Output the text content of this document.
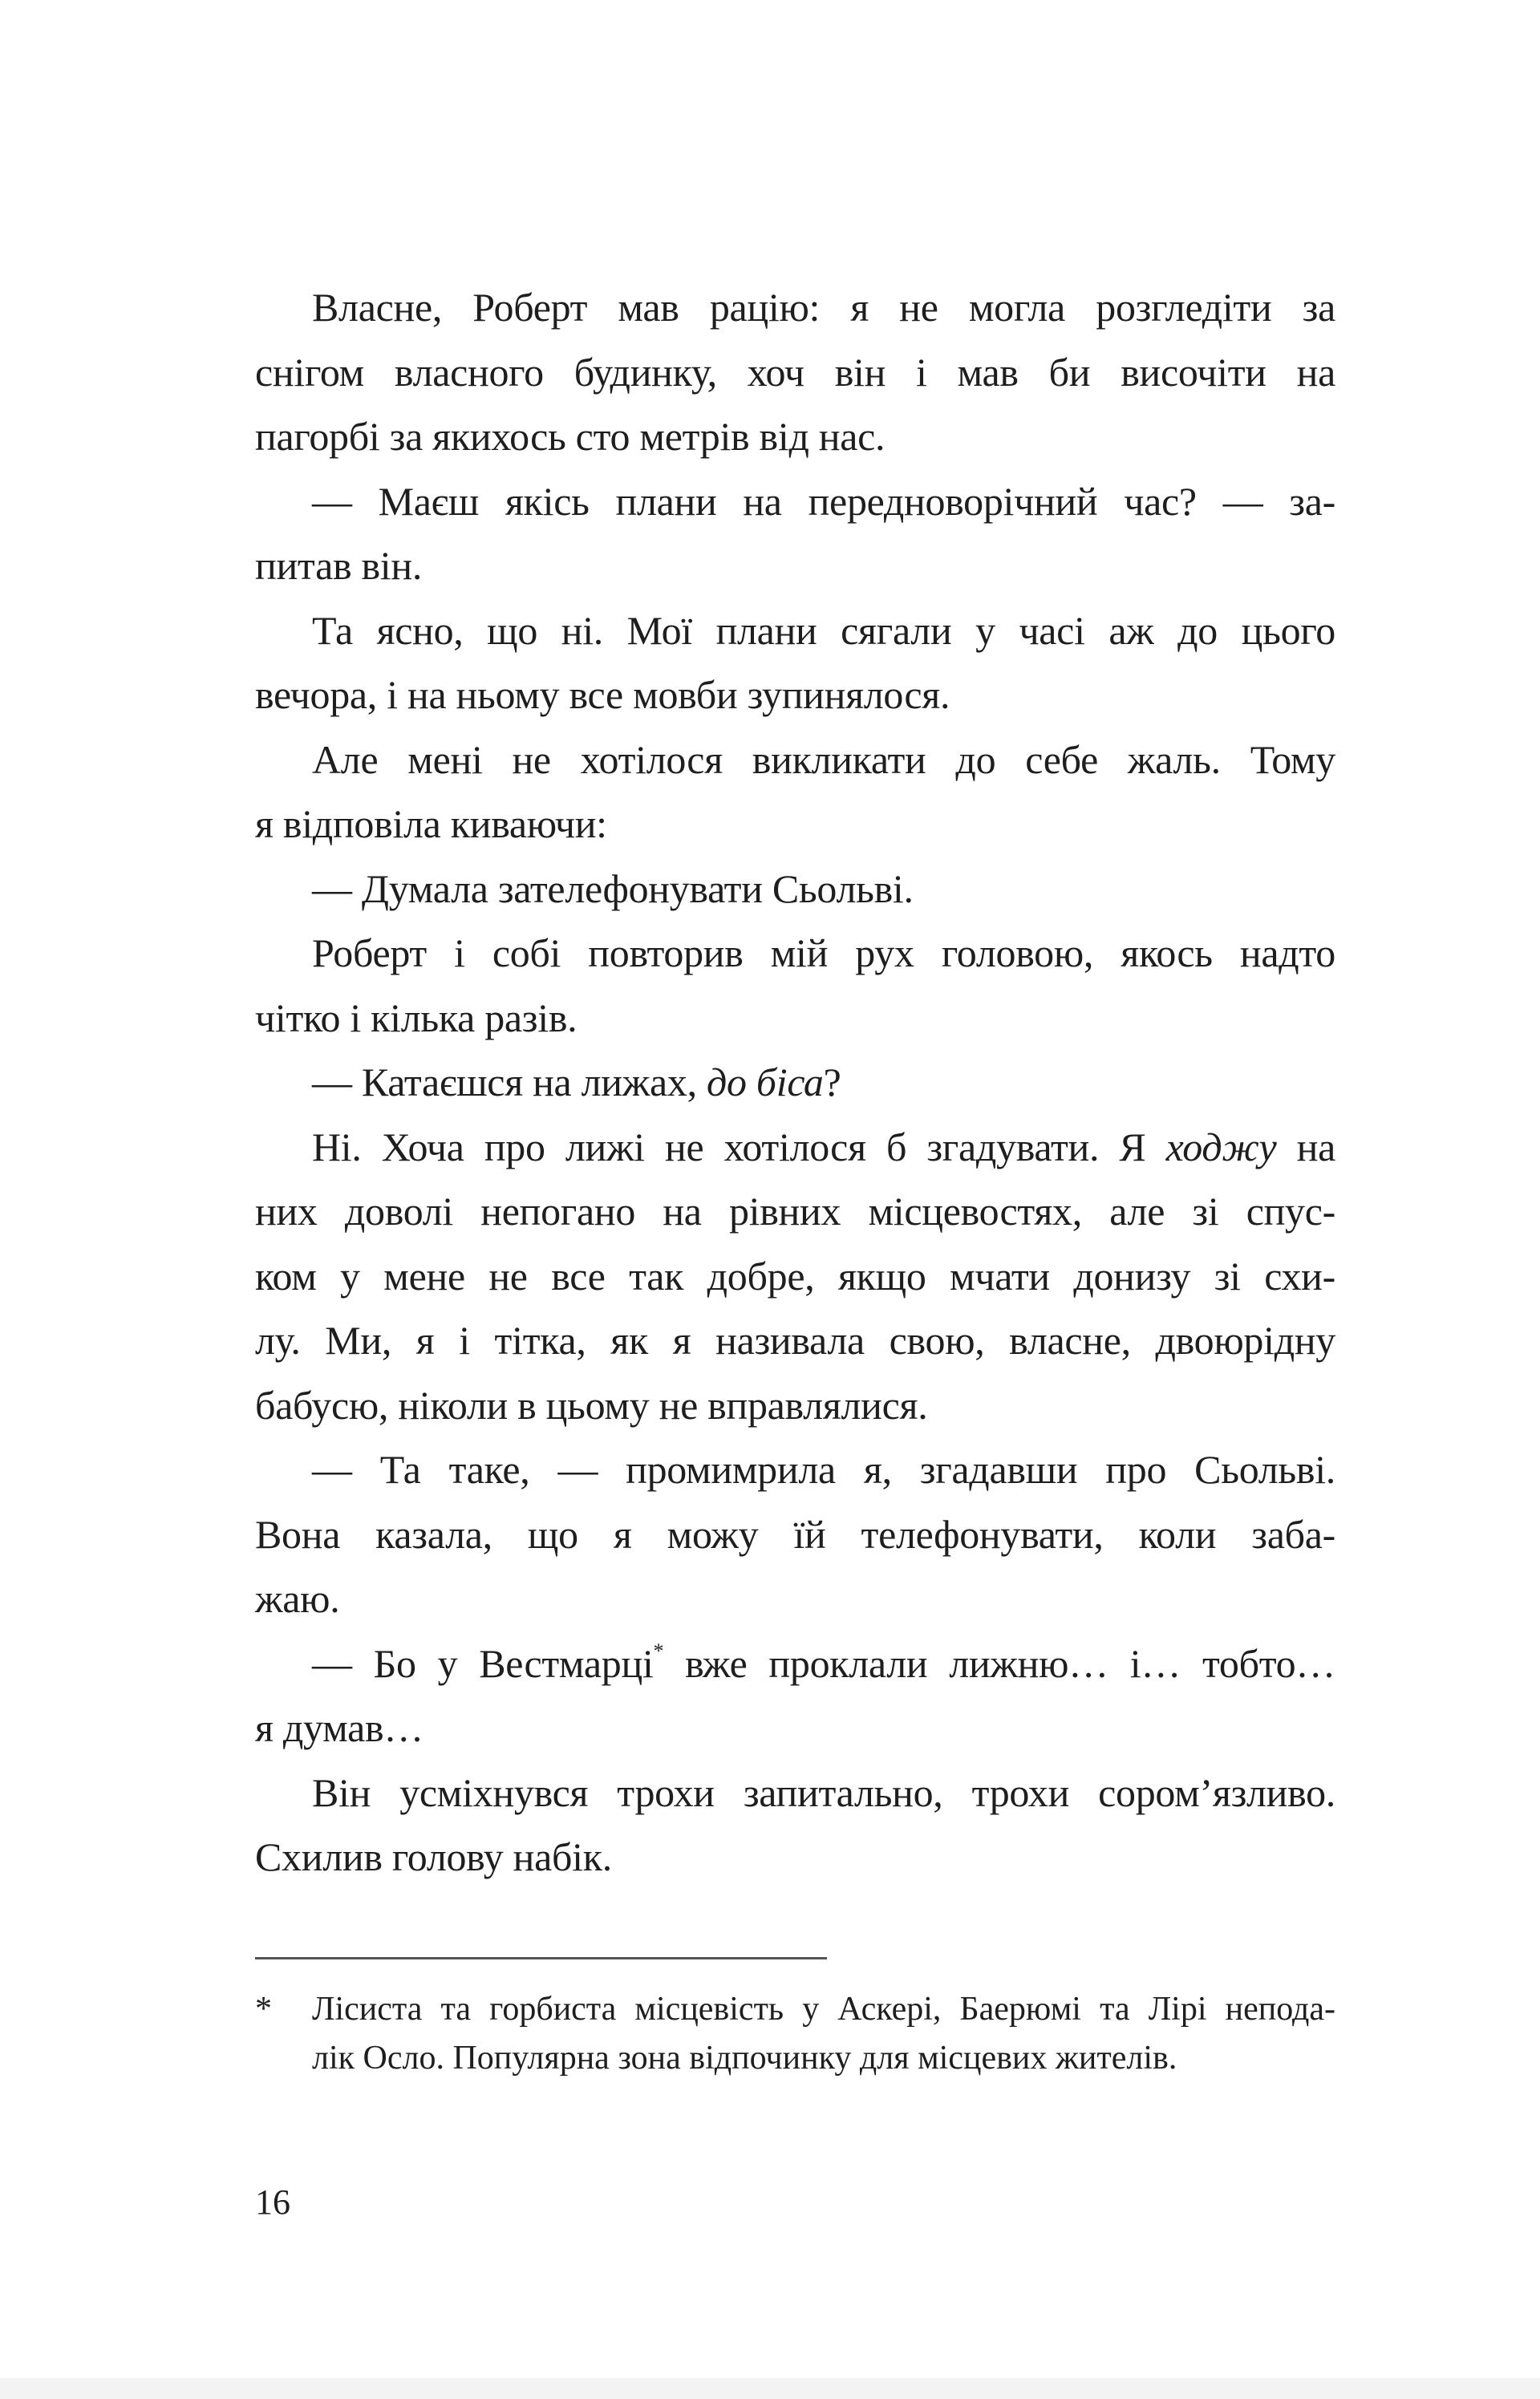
Власне, Роберт мав рацію: я не могла розгледіти за
снігом власного будинку, хоч він і мав би височіти на
пагорбі за якихось сто метрів від нас.
— Маєш якісь плани на передноворічний час? — за-
питав він.
Та ясно, що ні. Мої плани сягали у часі аж до цього
вечора, і на ньому все мовби зупинялося.
Але мені не хотілося викликати до себе жаль. Тому
я відповіла киваючи:
— Думала зателефонувати Сьольві.
Роберт і собі повторив мій рух головою, якось надто
чітко і кілька разів.
— Катаєшся на лижах, до біса?
Ні. Хоча про лижі не хотілося б згадувати. Я ходжу на
них доволі непогано на рівних місцевостях, але зі спус-
ком у мене не все так добре, якщо мчати донизу зі схи-
лу. Ми, я і тітка, як я називала свою, власне, двоюрідну
бабусю, ніколи в цьому не вправлялися.
— Та таке, — промимрила я, згадавши про Сьольві.
Вона казала, що я можу їй телефонувати, коли заба-
жаю.
— Бо у Вестмарці* вже проклали лижню… і… тобто…
я думав…
Він усміхнувся трохи запитально, трохи сором’язливо.
Схилив голову набік.
* Лісиста та горбиста місцевість у Аскері, Баерюмі та Лірі непода-
лік Осло. Популярна зона відпочинку для місцевих жителів.
16
